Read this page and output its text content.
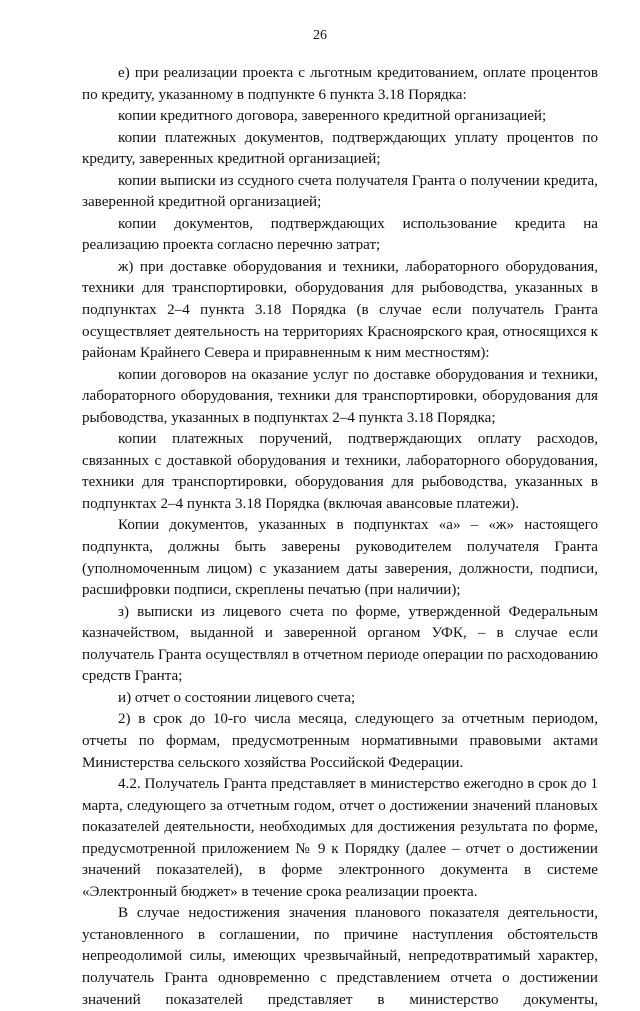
26

е) при реализации проекта с льготным кредитованием, оплате процентов по кредиту, указанному в подпункте 6 пункта 3.18 Порядка:

копии кредитного договора, заверенного кредитной организацией;

копии платежных документов, подтверждающих уплату процентов по кредиту, заверенных кредитной организацией;

копии выписки из ссудного счета получателя Гранта о получении кредита, заверенной кредитной организацией;

копии документов, подтверждающих использование кредита на реализацию проекта согласно перечню затрат;

ж) при доставке оборудования и техники, лабораторного оборудования, техники для транспортировки, оборудования для рыбоводства, указанных в подпунктах 2–4 пункта 3.18 Порядка (в случае если получатель Гранта осуществляет деятельность на территориях Красноярского края, относящихся к районам Крайнего Севера и приравненным к ним местностям):

копии договоров на оказание услуг по доставке оборудования и техники, лабораторного оборудования, техники для транспортировки, оборудования для рыбоводства, указанных в подпунктах 2–4 пункта 3.18 Порядка;

копии платежных поручений, подтверждающих оплату расходов, связанных с доставкой оборудования и техники, лабораторного оборудования, техники для транспортировки, оборудования для рыбоводства, указанных в подпунктах 2–4 пункта 3.18 Порядка (включая авансовые платежи).

Копии документов, указанных в подпунктах «а» – «ж» настоящего подпункта, должны быть заверены руководителем получателя Гранта (уполномоченным лицом) с указанием даты заверения, должности, подписи, расшифровки подписи, скреплены печатью (при наличии);

з) выписки из лицевого счета по форме, утвержденной Федеральным казначейством, выданной и заверенной органом УФК, – в случае если получатель Гранта осуществлял в отчетном периоде операции по расходованию средств Гранта;

и) отчет о состоянии лицевого счета;

2) в срок до 10-го числа месяца, следующего за отчетным периодом, отчеты по формам, предусмотренным нормативными правовыми актами Министерства сельского хозяйства Российской Федерации.

4.2. Получатель Гранта представляет в министерство ежегодно в срок до 1 марта, следующего за отчетным годом, отчет о достижении значений плановых показателей деятельности, необходимых для достижения результата по форме, предусмотренной приложением № 9 к Порядку (далее – отчет о достижении значений показателей), в форме электронного документа в системе «Электронный бюджет» в течение срока реализации проекта.

В случае недостижения значения планового показателя деятельности, установленного в соглашении, по причине наступления обстоятельств непреодолимой силы, имеющих чрезвычайный, непредотвратимый характер, получатель Гранта одновременно с представлением отчета о достижении значений показателей представляет в министерство документы,
